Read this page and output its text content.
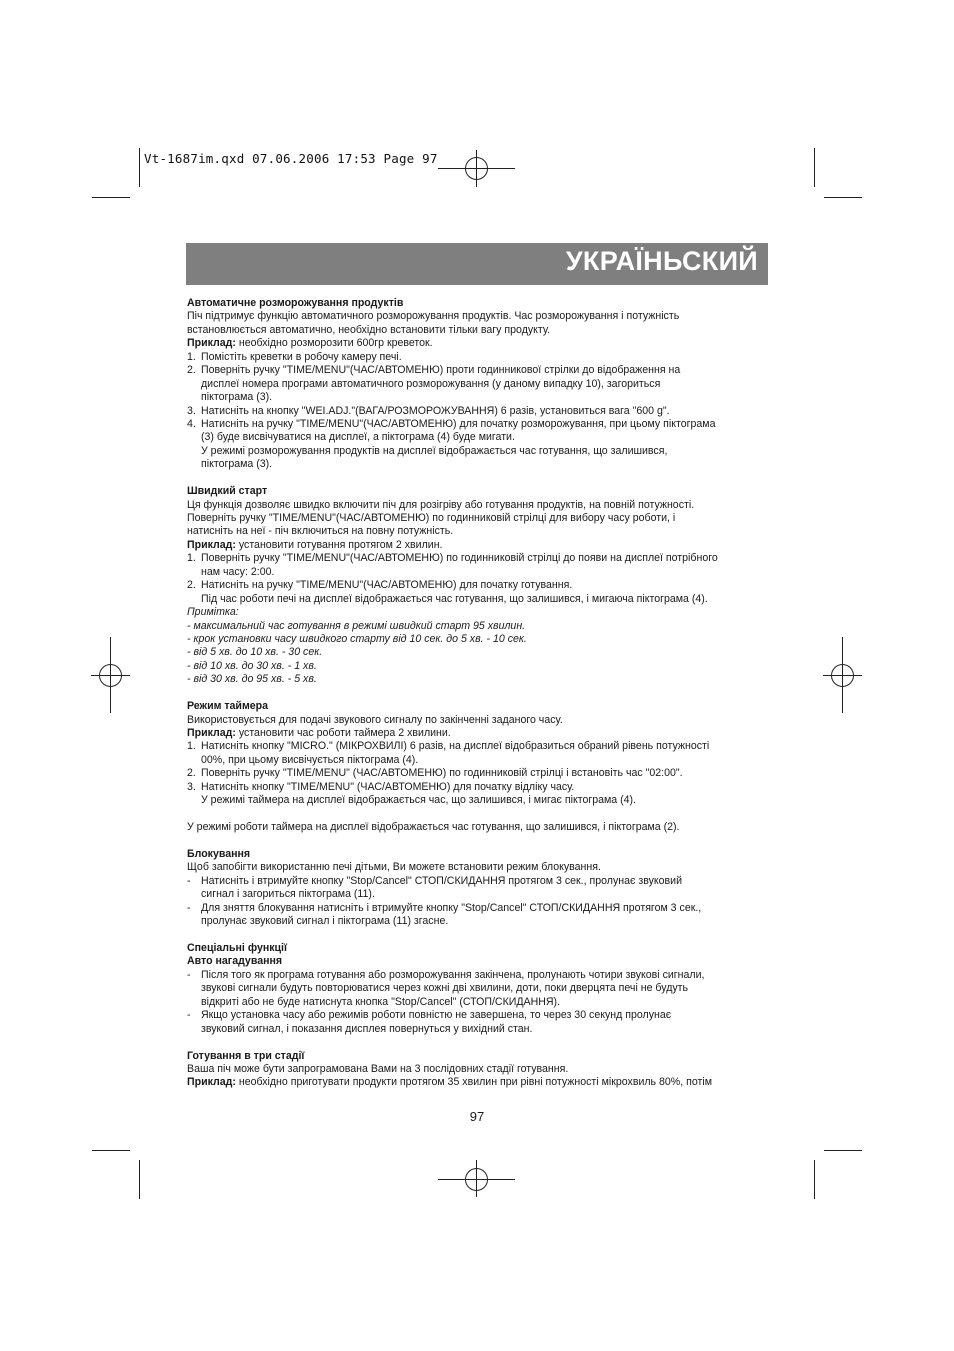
Vt-1687im.qxd 07.06.2006 17:53 Page 97
УКРАЇНЬСКИЙ
Автоматичне розморожування продуктів
Піч підтримує функцію автоматичного розморожування продуктів. Час розморожування і потужність
встановлюється автоматично, необхідно встановити тільки вагу продукту.
Приклад: необхідно розморозити 600гр креветок.
1. Помістіть креветки в робочу камеру печі.
2. Поверніть ручку "TIME/MENU"(ЧАС/АВТОМЕНЮ) проти годинникової стрілки до відображення на
дисплеї номера програми автоматичного розморожування (у даному випадку 10), загориться
піктограма (3).
3. Натисніть на кнопку "WEI.ADJ."(ВАГА/РОЗМОРОЖУВАННЯ) 6 разів, установиться вага "600 g".
4. Натисніть на ручку "TIME/MENU"(ЧАС/АВТОМЕНЮ) для початку розморожування, при цьому піктограма
(3) буде висвічуватися на дисплеї, а піктограма (4) буде мигати.
У режимі розморожування продуктів на дисплеї відображається час готування, що залишився,
піктограма (3).
Швидкий старт
Ця функція дозволяє швидко включити піч для розігріву або готування продуктів, на повній потужності.
Поверніть ручку "TIME/MENU"(ЧАС/АВТОМЕНЮ) по годинниковій стрілці для вибору часу роботи, і
натисніть на неї - піч включиться на повну потужність.
Приклад: установити готування протягом 2 хвилин.
1. Поверніть ручку "TIME/MENU"(ЧАС/АВТОМЕНЮ) по годинниковій стрілці до появи на дисплеї потрібного
нам часу: 2:00.
2. Натисніть на ручку "TIME/MENU"(ЧАС/АВТОМЕНЮ) для початку готування.
Під час роботи печі на дисплеї відображається час готування, що залишився, і мигаюча піктограма (4).
Примітка:
- максимальний час готування в режимі швидкий старт 95 хвилин.
- крок установки часу швидкого старту від 10 сек. до 5 хв. - 10 сек.
- від 5 хв. до 10 хв. - 30 сек.
- від 10 хв. до 30 хв. - 1 хв.
- від 30 хв. до 95 хв. - 5 хв.
Режим таймера
Використовується для подачі звукового сигналу по закінченні заданого часу.
Приклад: установити час роботи таймера 2 хвилини.
1. Натисніть кнопку "MICRO." (МІКРОХВИЛІ) 6 разів, на дисплеї відобразиться обраний рівень потужності
00%, при цьому висвічується піктограма (4).
2. Поверніть ручку "TIME/MENU" (ЧАС/АВТОМЕНЮ) по годинниковій стрілці і встановіть час "02:00".
3. Натисніть кнопку "TIME/MENU" (ЧАС/АВТОМЕНЮ) для початку відліку часу.
У режимі таймера на дисплеї відображається час, що залишився, і мигає піктограма (4).
У режимі роботи таймера на дисплеї відображається час готування, що залишився, і піктограма (2).
Блокування
Щоб запобігти використанню печі дітьми, Ви можете встановити режим блокування.
- Натисніть і втримуйте кнопку "Stop/Cancel" СТОП/СКИДАННЯ протягом 3 сек., пролунає звуковий
сигнал і загориться піктограма (11).
- Для зняття блокування натисніть і втримуйте кнопку "Stop/Cancel" СТОП/СКИДАННЯ протягом 3 сек.,
пролунає звуковий сигнал і піктограма (11) згасне.
Спеціальні функції
Авто нагадування
- Після того як програма готування або розморожування закінчена, пролунають чотири звукові сигнали,
звукові сигнали будуть повторюватися через кожні дві хвилини, доти, поки дверцята печі не будуть
відкриті або не буде натиснута кнопка "Stop/Cancel" (СТОП/СКИДАННЯ).
- Якщо установка часу або режимів роботи повністю не завершена, то через 30 секунд пролунає
звуковий сигнал, і показання дисплея повернуться у вихідний стан.
Готування в три стадії
Ваша піч може бути запрограмована Вами на 3 послідовних стадії готування.
Приклад: необхідно приготувати продукти протягом 35 хвилин при рівні потужності мікрохвиль 80%, потім
97
